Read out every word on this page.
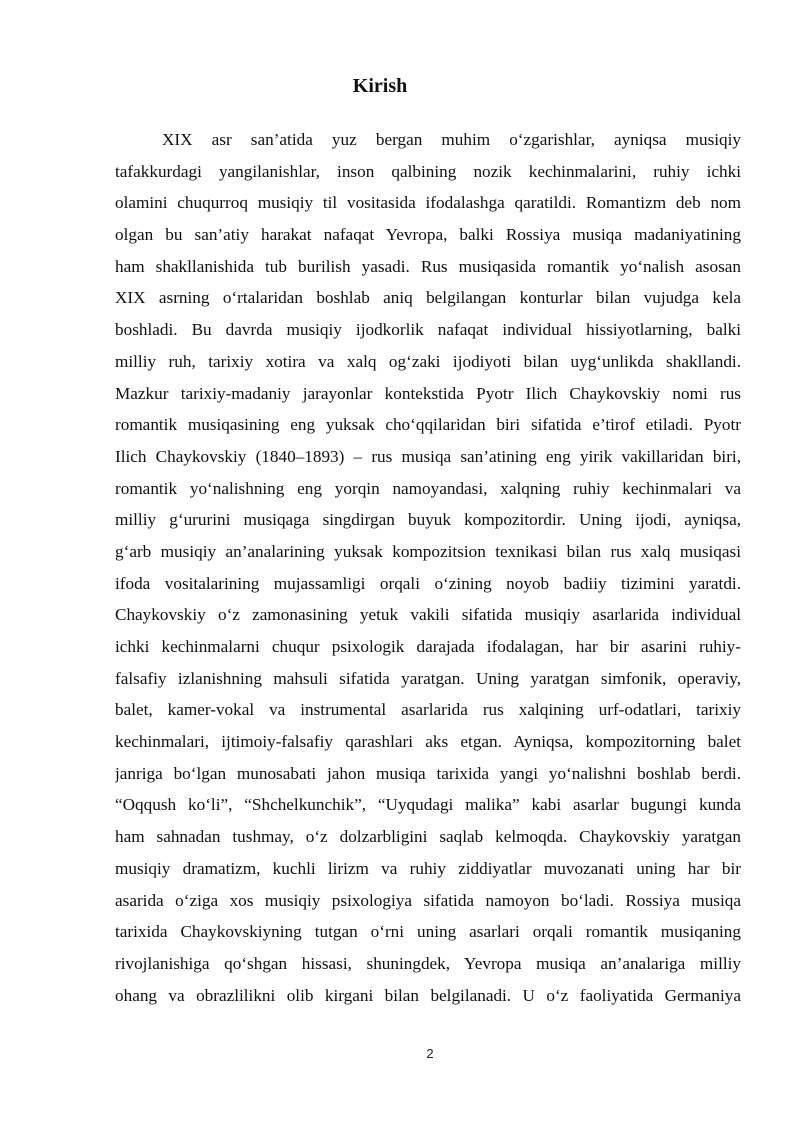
Kirish
XIX asr san’atida yuz bergan muhim o‘zgarishlar, ayniqsa musiqiy
tafakkurdagi yangilanishlar, inson qalbining nozik kechinmalarini, ruhiy ichki
olamini chuqurroq musiqiy til vositasida ifodalashga qaratildi. Romantizm deb nom
olgan bu san’atiy harakat nafaqat Yevropa, balki Rossiya musiqa madaniyatining
ham shakllanishida tub burilish yasadi. Rus musiqasida romantik yo‘nalish asosan
XIX asrning o‘rtalaridan boshlab aniq belgilangan konturlar bilan vujudga kela
boshladi. Bu davrda musiqiy ijodkorlik nafaqat individual hissiyotlarning, balki
milliy ruh, tarixiy xotira va xalq og‘zaki ijodiyoti bilan uyg‘unlikda shakllandi.
Mazkur tarixiy-madaniy jarayonlar kontekstida Pyotr Ilich Chaykovskiy nomi rus
romantik musiqasining eng yuksak cho‘qqilaridan biri sifatida e’tirof etiladi. Pyotr
Ilich Chaykovskiy (1840–1893) – rus musiqa san’atining eng yirik vakillaridan biri,
romantik yo‘nalishning eng yorqin namoyandasi, xalqning ruhiy kechinmalari va
milliy g‘ururini musiqaga singdirgan buyuk kompozitordir. Uning ijodi, ayniqsa,
g‘arb musiqiy an’analarining yuksak kompozitsion texnikasi bilan rus xalq musiqasi
ifoda vositalarining mujassamligi orqali o‘zining noyob badiiy tizimini yaratdi.
Chaykovskiy o‘z zamonasining yetuk vakili sifatida musiqiy asarlarida individual
ichki kechinmalarni chuqur psixologik darajada ifodalagan, har bir asarini ruhiy-
falsafiy izlanishning mahsuli sifatida yaratgan. Uning yaratgan simfonik, operaviy,
balet, kamer-vokal va instrumental asarlarida rus xalqining urf-odatlari, tarixiy
kechinmalari, ijtimoiy-falsafiy qarashlari aks etgan. Ayniqsa, kompozitorning balet
janriga bo‘lgan munosabati jahon musiqa tarixida yangi yo‘nalishni boshlab berdi.
“Oqqush ko‘li”, “Shchelkunchik”, “Uyqudagi malika” kabi asarlar bugungi kunda
ham sahnadan tushmay, o‘z dolzarbligini saqlab kelmoqda. Chaykovskiy yaratgan
musiqiy dramatizm, kuchli lirizm va ruhiy ziddiyatlar muvozanati uning har bir
asarida o‘ziga xos musiqiy psixologiya sifatida namoyon bo‘ladi. Rossiya musiqa
tarixida Chaykovskiyning tutgan o‘rni uning asarlari orqali romantik musiqaning
rivojlanishiga qo‘shgan hissasi, shuningdek, Yevropa musiqa an’analariga milliy
ohang va obrazlilikni olib kirgani bilan belgilanadi. U o‘z faoliyatida Germaniya
2
